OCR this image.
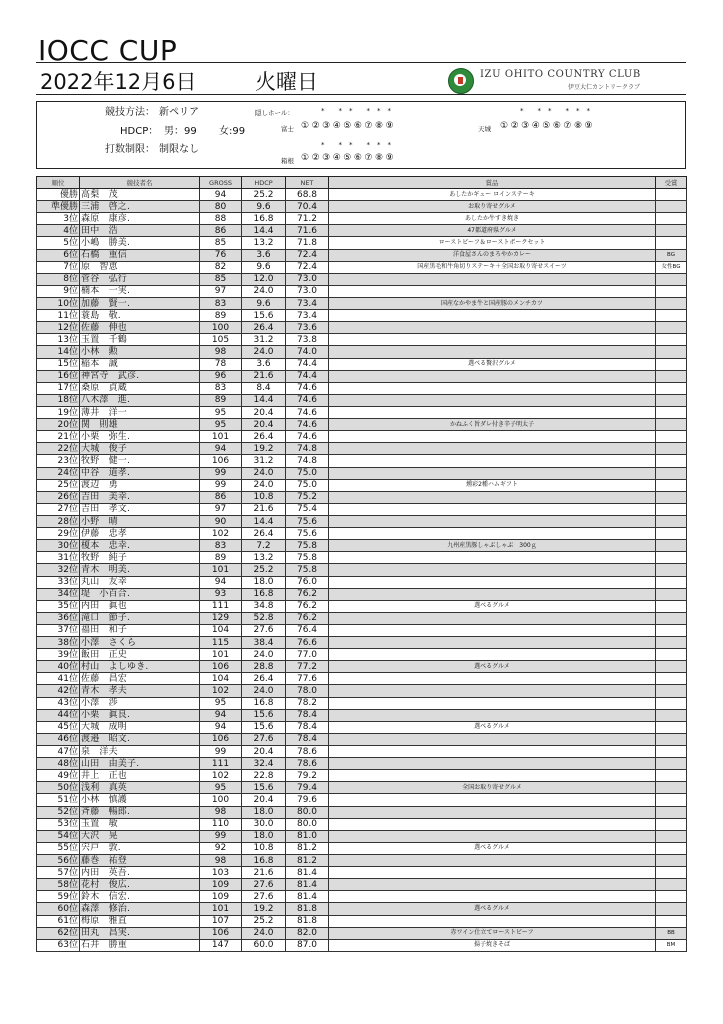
IOCC CUP
2022年12月6日	火曜日	IZU OHITO COUNTRY CLUB
伊豆大仁カントリークラブ
競技方法： 新ペリア
HDCP： 男：99 女:99
打数制限： 制限なし
隠しホール：	*　　*　*　　*　*　*	*　　*　*　　*　*　*
富士 ①②③④⑤⑥⑦⑧⑨	天城 ①②③④⑤⑥⑦⑧⑨
*　　*　*　　*　*　*
箱根 ①②③④⑤⑥⑦⑧⑨
順位	競技者名	GROSS	HDCP	NET	賞品	受賞
優勝	高梨　茂	94	25.2	68.8	あしたかギュー ロインステーキ	
準優勝	三浦　啓之.	80	9.6	70.4	お取り寄せグルメ	
3位	森原　康彦.	88	16.8	71.2	あしたか牛すき焼き	
4位	田中　浩	86	14.4	71.6	47都道府県グルメ	
5位	小嶋　勝美.	85	13.2	71.8	ローストビーフ＆ローストポークセット	
6位	石橋　重信	76	3.6	72.4	洋食屋さんのまろやかカレー	BG
7位	原　智恵	82	9.6	72.4	国産黒毛和牛角切りステーキ＋全国お取り寄せスイーツ	女性BG
8位	菅谷　弘行	85	12.0	73.0		
9位	楠本　一実.	97	24.0	73.0		
10位	加藤　賢一.	83	9.6	73.4	国産なかやま牛と国産豚のメンチカツ	
11位	蓑島　敬.	89	15.6	73.4		
12位	佐藤　伸也	100	26.4	73.6		
13位	玉置　千鶴	105	31.2	73.8		
14位	小林　勲	98	24.0	74.0		
15位	稲本　誠	78	3.6	74.4	選べる贅沢グルメ	
16位	神宮寺　武彦.	96	21.6	74.4		
17位	桑原　貞蔵	83	8.4	74.6		
18位	八木澤　進.	89	14.4	74.6		
19位	薄井　洋一	95	20.4	74.6		
20位	関　則雄	95	20.4	74.6	かねふく旨ダレ付き辛子明太子	
21位	小栗　弥生.	101	26.4	74.6		
22位	大城　俊子	94	19.2	74.8		
23位	牧野　健一.	106	31.2	74.8		
24位	中谷　道孝.	99	24.0	75.0		
25位	渡辺　勇	99	24.0	75.0	燻彩2種ハムギフト	
26位	吉田　美幸.	86	10.8	75.2		
27位	吉田　孝文.	97	21.6	75.4		
28位	小野　晴	90	14.4	75.6		
29位	伊藤　忠孝	102	26.4	75.6		
30位	榎本　忠幸.	83	7.2	75.8	九州産黒豚しゃぶしゃぶ　300ｇ	
31位	牧野　純子	89	13.2	75.8		
32位	青木　明美.	101	25.2	75.8		
33位	丸山　友幸	94	18.0	76.0		
34位	堤　小百合.	93	16.8	76.2		
35位	内田　眞也	111	34.8	76.2	選べるグルメ	
36位	滝口　節子.	129	52.8	76.2		
37位	福田　和子	104	27.6	76.4		
38位	小澤　さくら	115	38.4	76.6		
39位	飯田　正史	101	24.0	77.0		
40位	村山　よしゆき.	106	28.8	77.2	選べるグルメ	
41位	佐藤　昌宏	104	26.4	77.6		
42位	青木　孝夫	102	24.0	78.0		
43位	小澤　渉	95	16.8	78.2		
44位	小栗　眞良.	94	15.6	78.4		
45位	大城　成明	94	15.6	78.4	選べるグルメ	
46位	渡邉　昭文.	106	27.6	78.4		
47位	泉　洋夫	99	20.4	78.6		
48位	山田　由美子.	111	32.4	78.6		
49位	井上　正也	102	22.8	79.2		
50位	浅利　真英	95	15.6	79.4	全国お取り寄せグルメ	
51位	小林　慎護	100	20.4	79.6		
52位	斉藤　暢郎.	98	18.0	80.0		
53位	玉置　敏	110	30.0	80.0		
54位	大沢　晃	99	18.0	81.0		
55位	宍戸　敦.	92	10.8	81.2	選べるグルメ	
56位	藤巻　祐登	98	16.8	81.2		
57位	内田　英吾.	103	21.6	81.4		
58位	花村　俊広.	109	27.6	81.4		
59位	鈴木　信宏.	109	27.6	81.4		
60位	森澤　修治.	101	19.2	81.8	選べるグルメ	
61位	梅原　雅直	107	25.2	81.8		
62位	田丸　昌実.	106	24.0	82.0	赤ワイン仕立てローストビーフ	BB
63位	石井　勝重	147	60.0	87.0	揚子焼きそば	BM
